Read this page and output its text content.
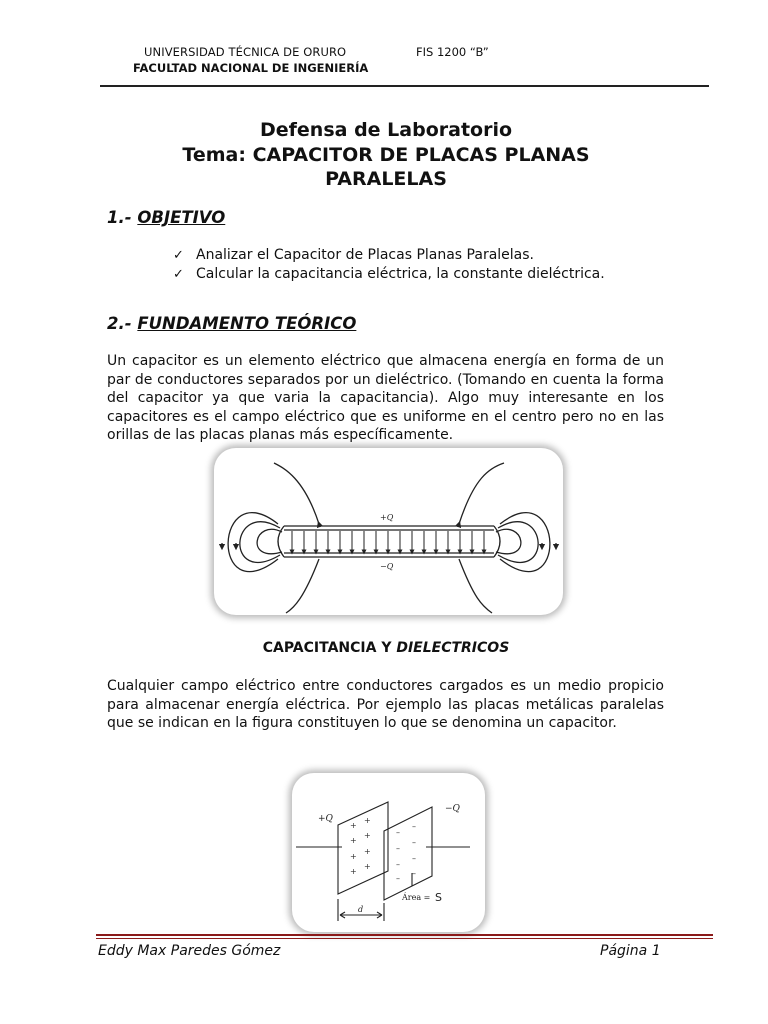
UNIVERSIDAD TÉCNICA DE ORURO	FIS 1200 “B”
FACULTAD NACIONAL DE INGENIERÍA
Defensa de Laboratorio
Tema: CAPACITOR DE PLACAS PLANAS
PARALELAS
1.- OBJETIVO
✓ Analizar el Capacitor de Placas Planas Paralelas.
✓ Calcular la capacitancia eléctrica, la constante dieléctrica.
2.- FUNDAMENTO TEÓRICO
Un capacitor es un elemento eléctrico que almacena energía en forma de un par de conductores separados por un dieléctrico. (Tomando en cuenta la forma del capacitor ya que varia la capacitancia). Algo muy interesante en los capacitores es el campo eléctrico que es uniforme en el centro pero no en las orillas de las placas planas más específicamente.
+Q
−Q
CAPACITANCIA Y DIELECTRICOS
Cualquier campo eléctrico entre conductores cargados es un medio propicio para almacenar energía eléctrica. Por ejemplo las placas metálicas paralelas que se indican en la figura constituyen lo que se denomina un capacitor.
+
+
+
+
+
+
+
+
–
–
–
–
–
–
–
–
+Q
−Q
Área = S
d
Eddy Max Paredes Gómez	Página 1
